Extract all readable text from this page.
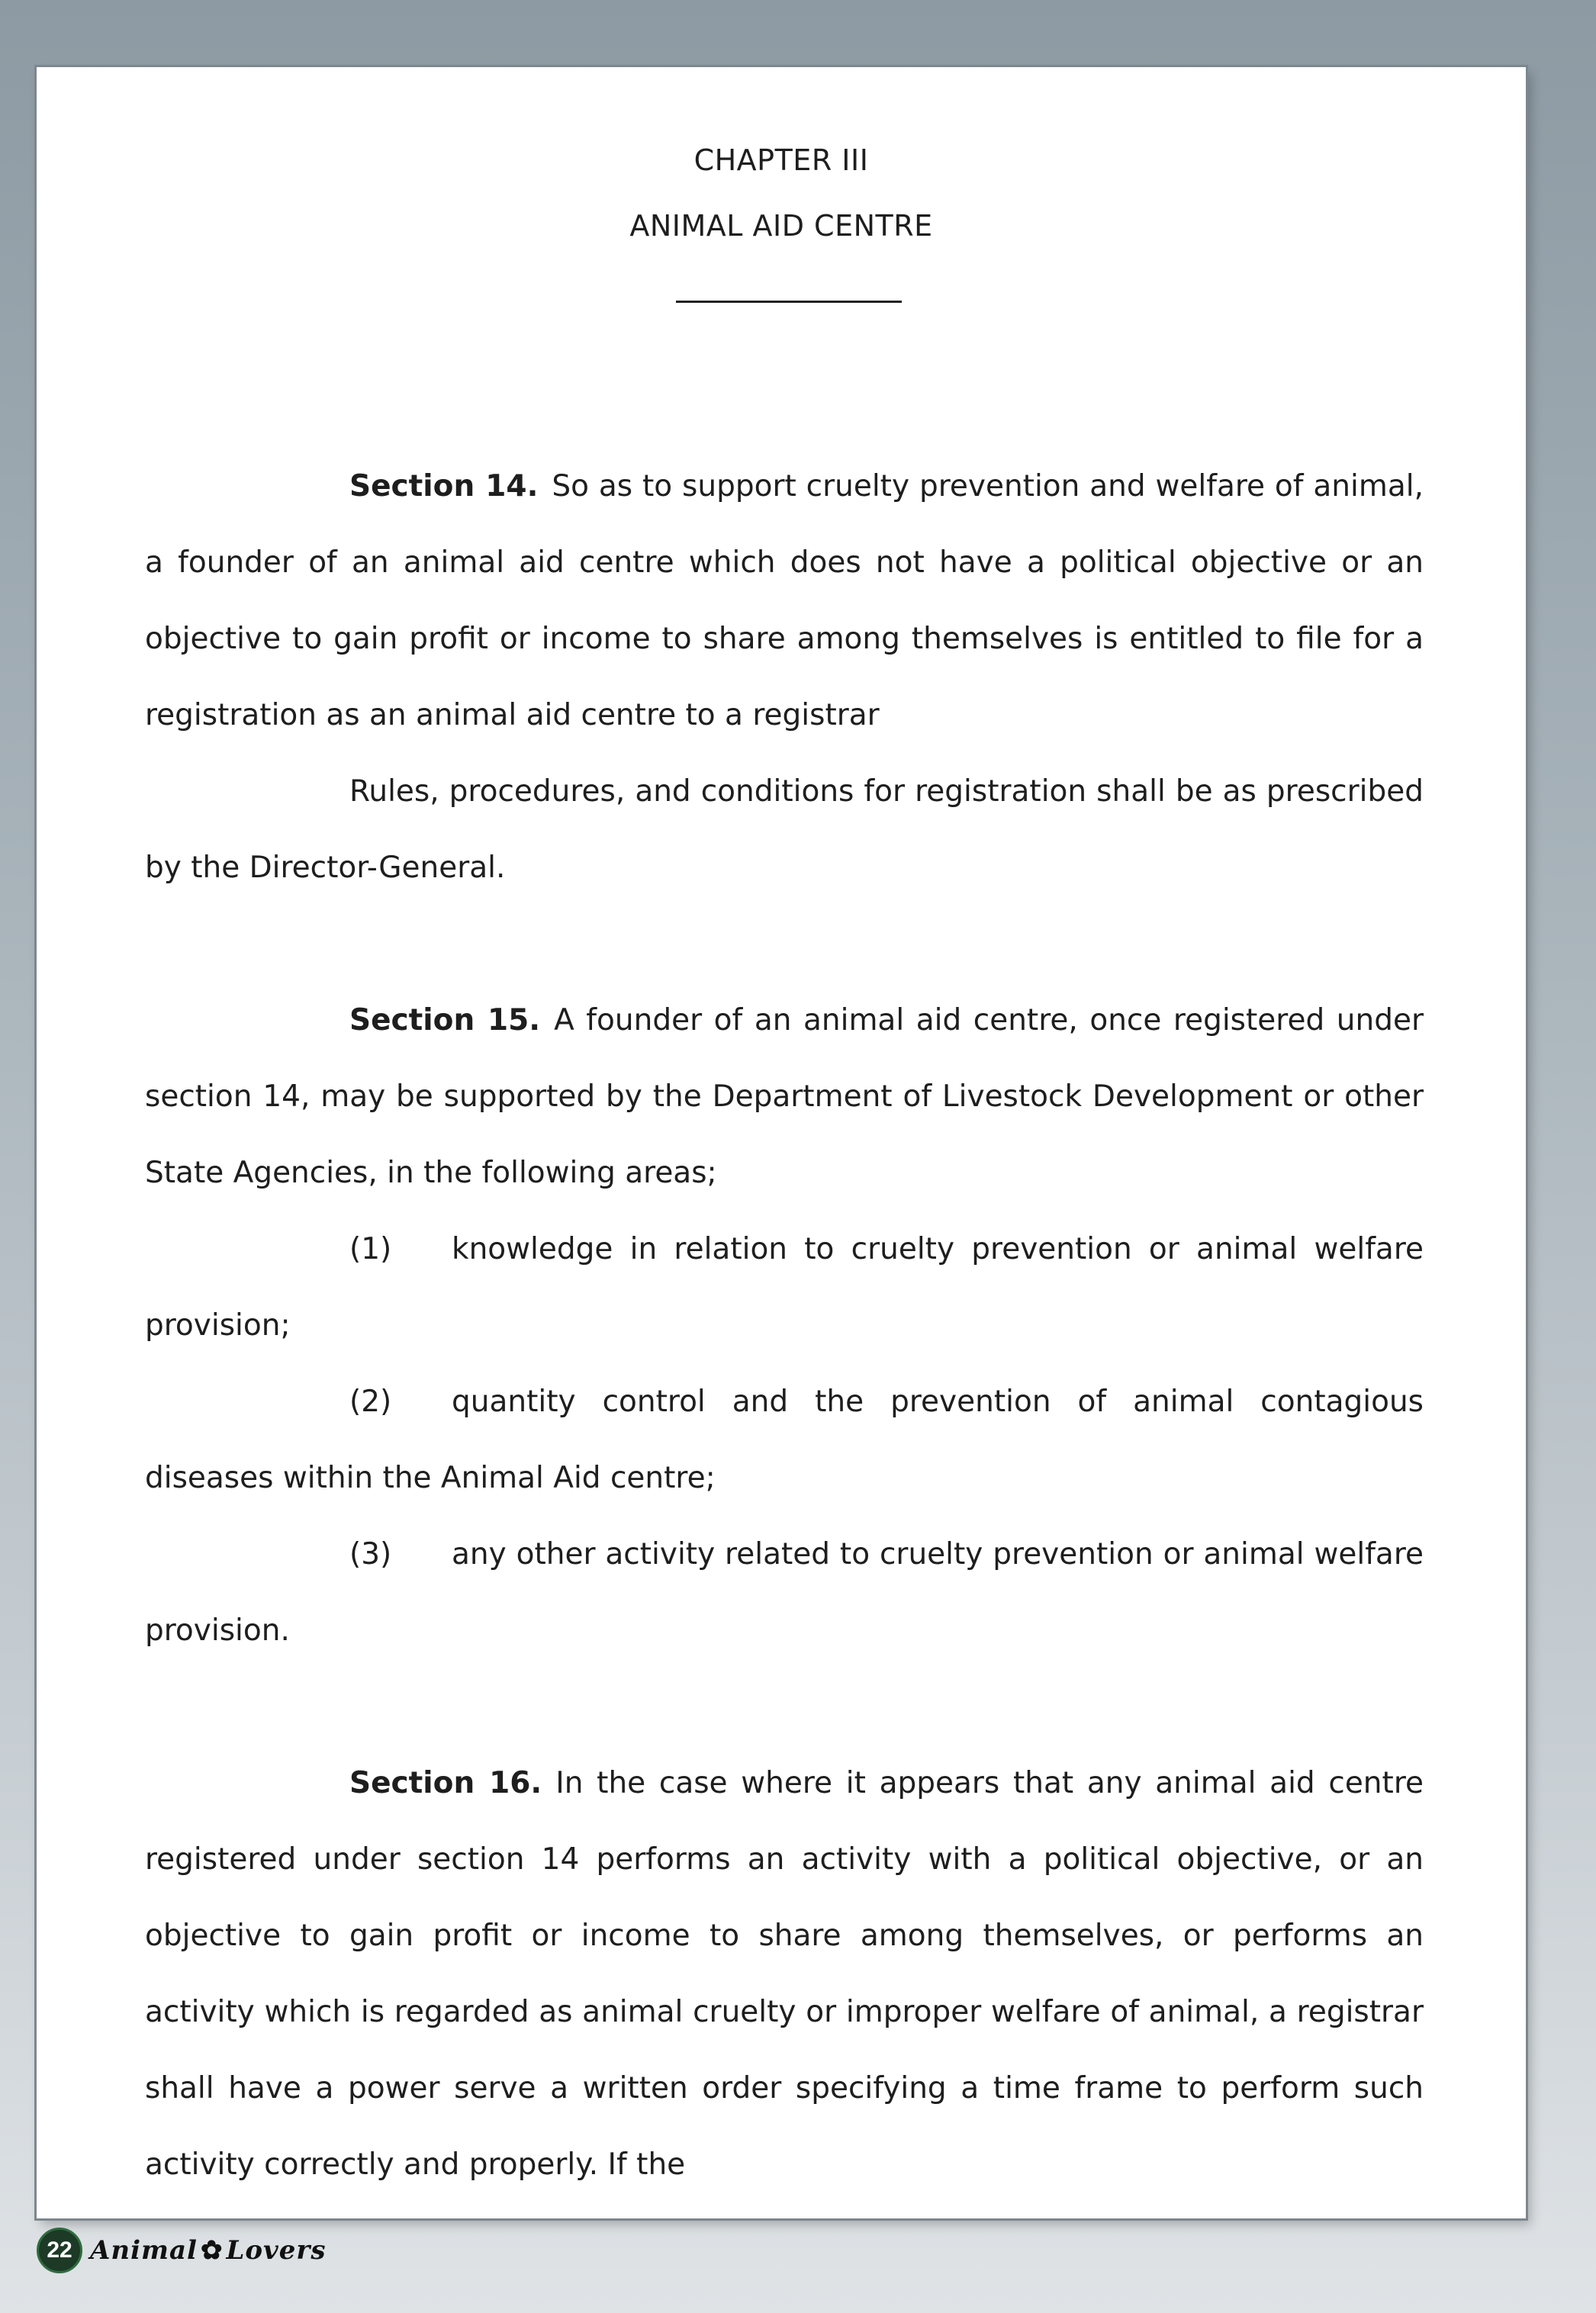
CHAPTER III
ANIMAL AID CENTRE

Section 14. So as to support cruelty prevention and welfare of animal, a founder of an animal aid centre which does not have a political objective or an objective to gain profit or income to share among themselves is entitled to file for a registration as an animal aid centre to a registrar

Rules, procedures, and conditions for registration shall be as prescribed by the Director-General.

Section 15. A founder of an animal aid centre, once registered under section 14, may be supported by the Department of Livestock Development or other State Agencies, in the following areas;

(1) knowledge in relation to cruelty prevention or animal welfare provision;

(2) quantity control and the prevention of animal contagious diseases within the Animal Aid centre;

(3) any other activity related to cruelty prevention or animal welfare provision.

Section 16. In the case where it appears that any animal aid centre registered under section 14 performs an activity with a political objective, or an objective to gain profit or income to share among themselves, or performs an activity which is regarded as animal cruelty or improper welfare of animal, a registrar shall have a power serve a written order specifying a time frame to perform such activity correctly and properly. If the

22 Animal ✿ Lovers
